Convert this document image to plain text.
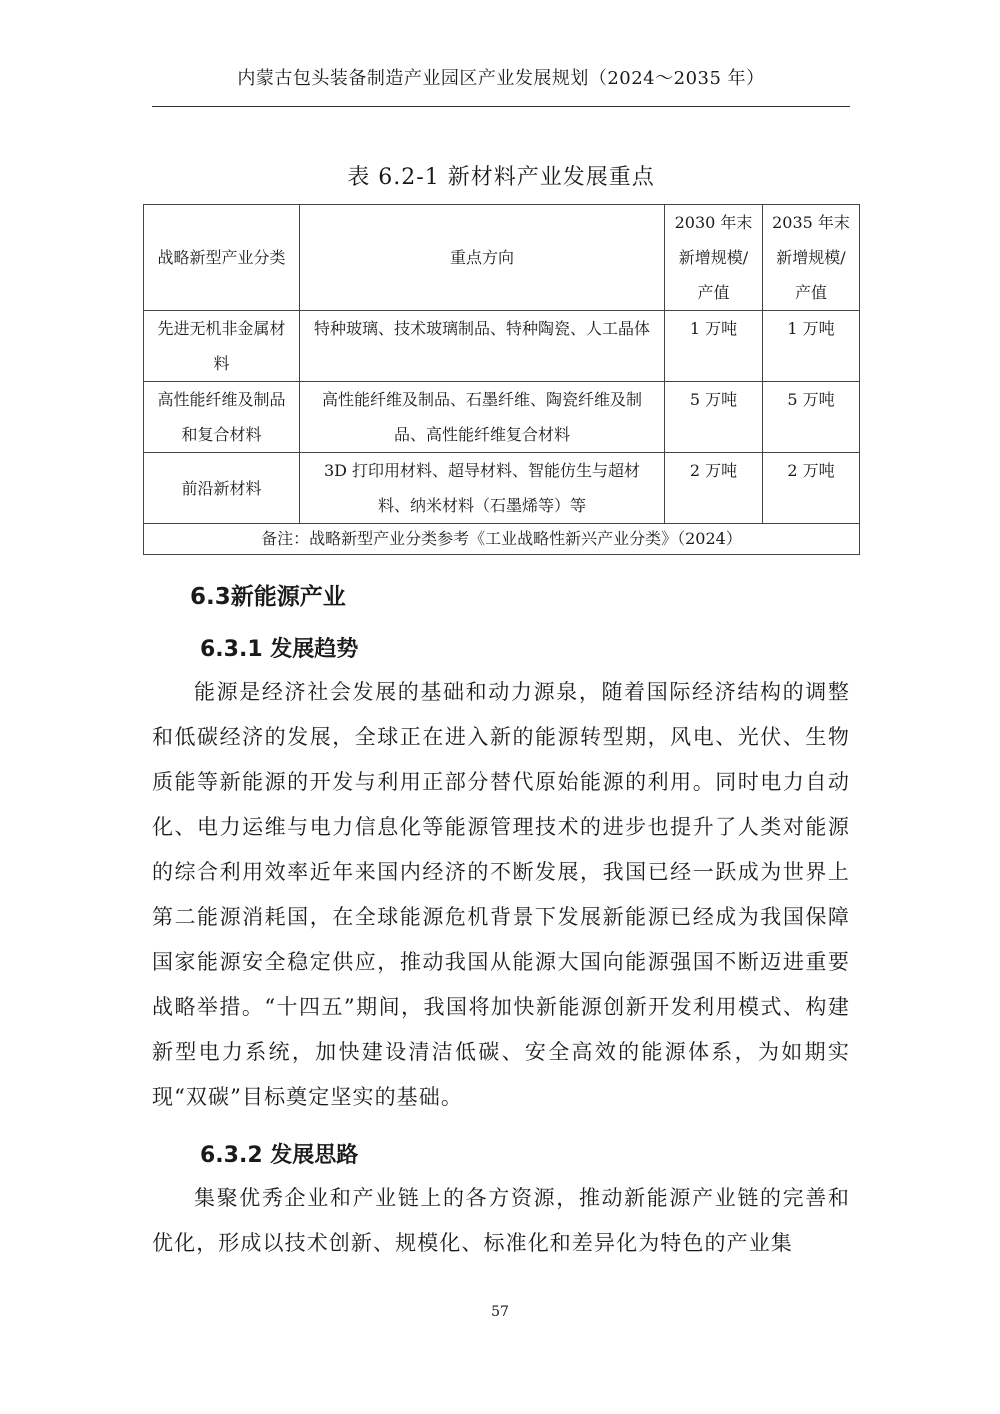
内蒙古包头装备制造产业园区产业发展规划（2024～2035 年）
表 6.2-1 新材料产业发展重点
战略新型产业分类	重点方向	2030 年末新增规模/产值	2035 年末新增规模/产值
先进无机非金属材料	特种玻璃、技术玻璃制品、特种陶瓷、人工晶体	1 万吨	1 万吨
高性能纤维及制品和复合材料	高性能纤维及制品、石墨纤维、陶瓷纤维及制品、高性能纤维复合材料	5 万吨	5 万吨
前沿新材料	3D 打印用材料、超导材料、智能仿生与超材料、纳米材料（石墨烯等）等	2 万吨	2 万吨
备注：战略新型产业分类参考《工业战略性新兴产业分类》（2024）			
6.3新能源产业
6.3.1 发展趋势

能源是经济社会发展的基础和动力源泉，随着国际经济结构的调整和低碳经济的发展，全球正在进入新的能源转型期，风电、光伏、生物质能等新能源的开发与利用正部分替代原始能源的利用。同时电力自动化、电力运维与电力信息化等能源管理技术的进步也提升了人类对能源的综合利用效率近年来国内经济的不断发展，我国已经一跃成为世界上第二能源消耗国，在全球能源危机背景下发展新能源已经成为我国保障国家能源安全稳定供应，推动我国从能源大国向能源强国不断迈进重要战略举措。“十四五”期间，我国将加快新能源创新开发利用模式、构建新型电力系统，加快建设清洁低碳、安全高效的能源体系，为如期实现“双碳”目标奠定坚实的基础。

6.3.2 发展思路

集聚优秀企业和产业链上的各方资源，推动新能源产业链的完善和优化，形成以技术创新、规模化、标准化和差异化为特色的产业集

57
